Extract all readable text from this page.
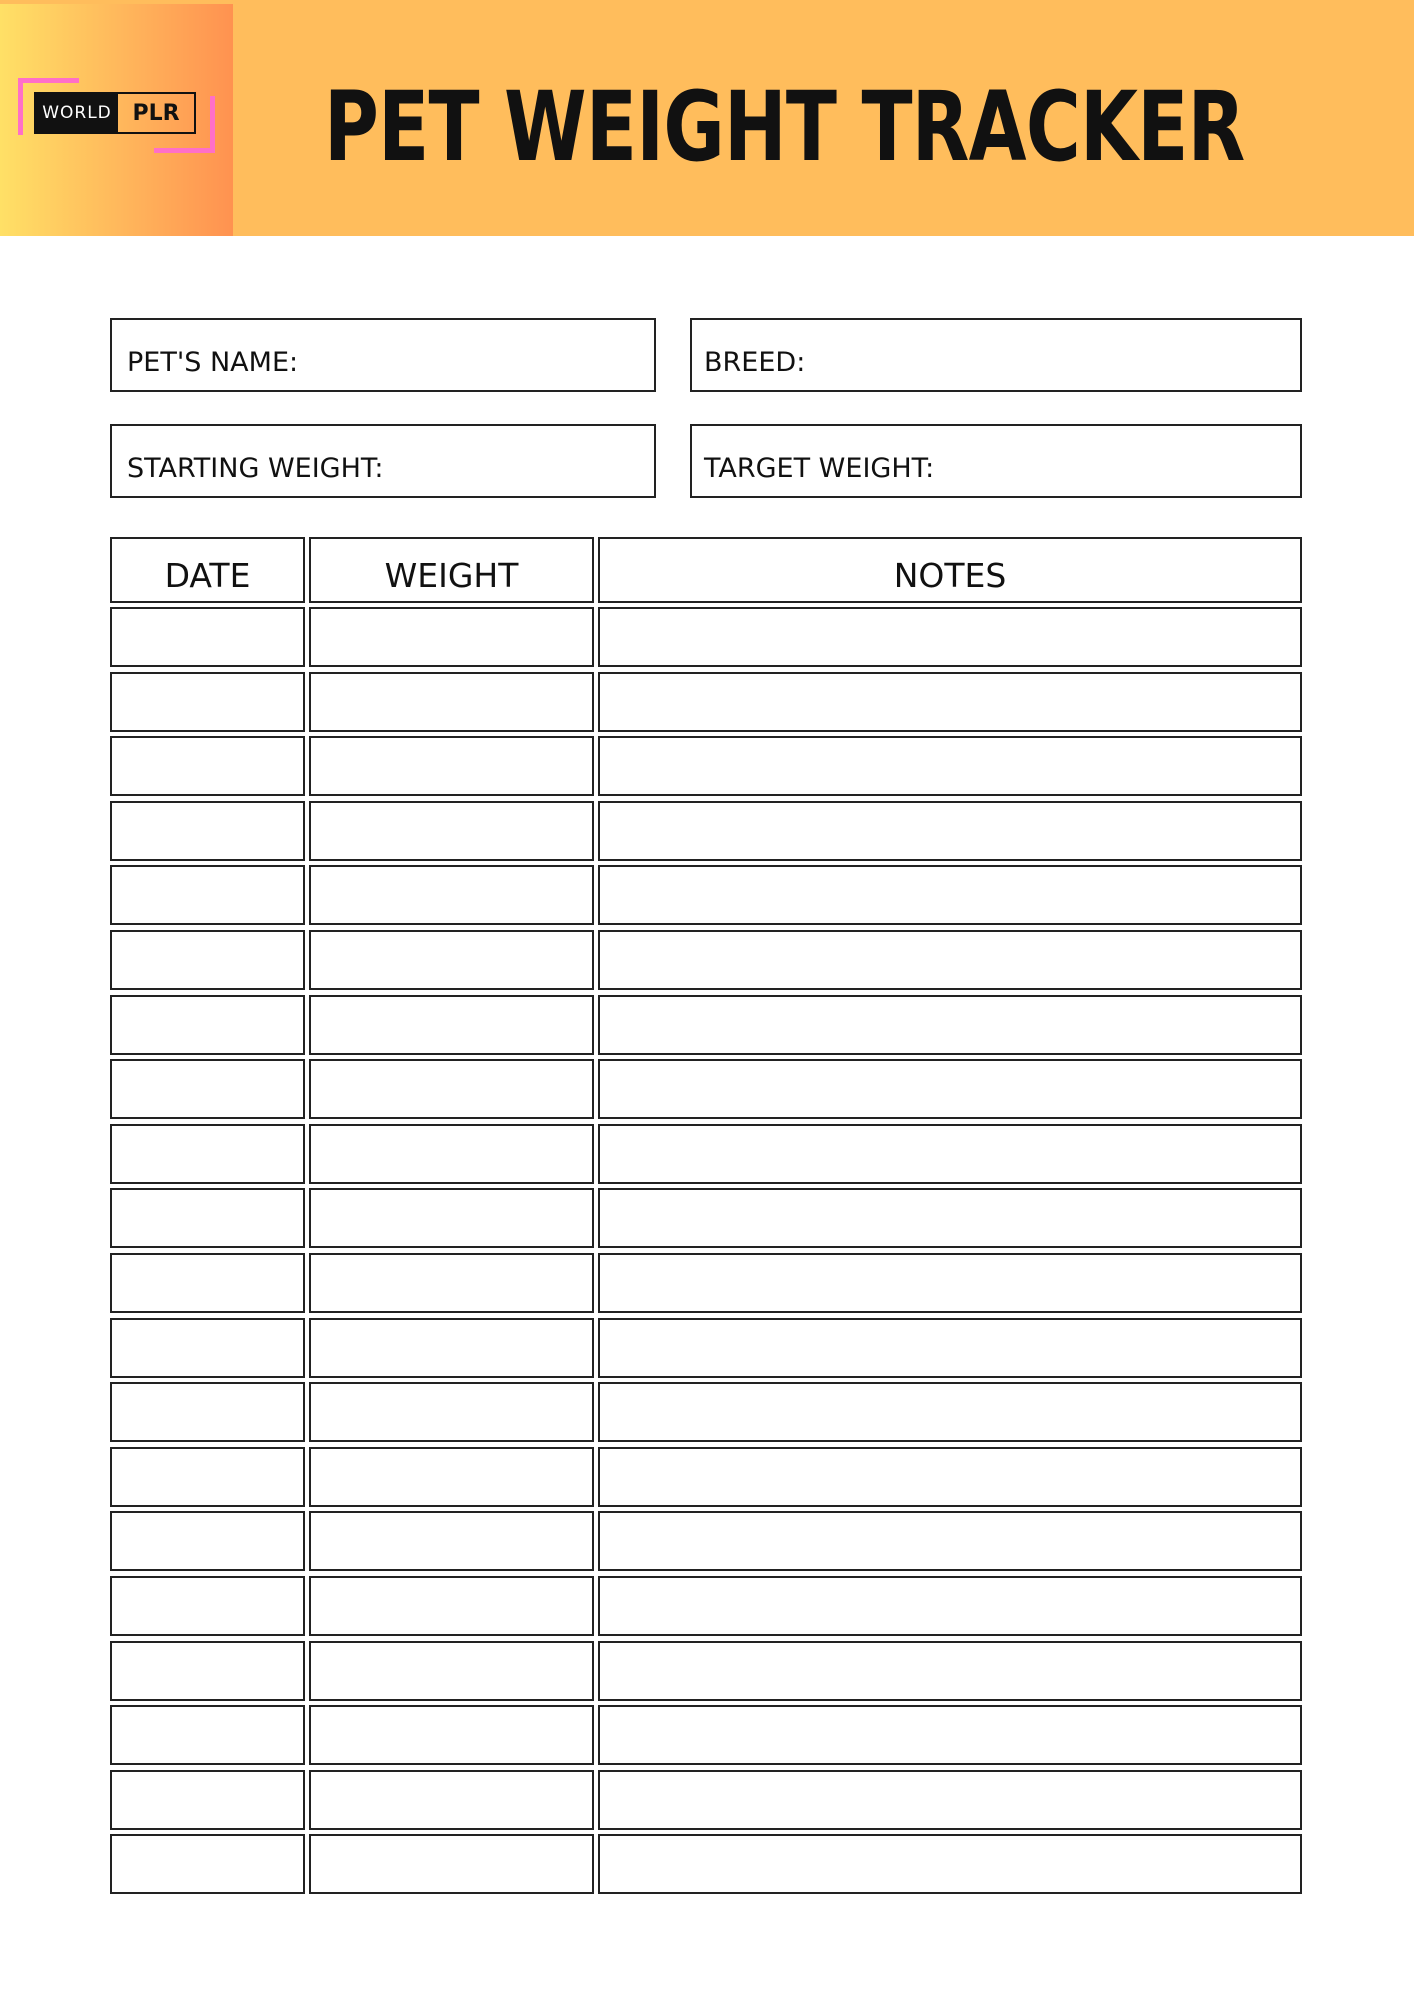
WORLD PLR PET WEIGHT TRACKER
PET'S NAME:	BREED:
STARTING WEIGHT:	TARGET WEIGHT:
DATE	WEIGHT	NOTES
